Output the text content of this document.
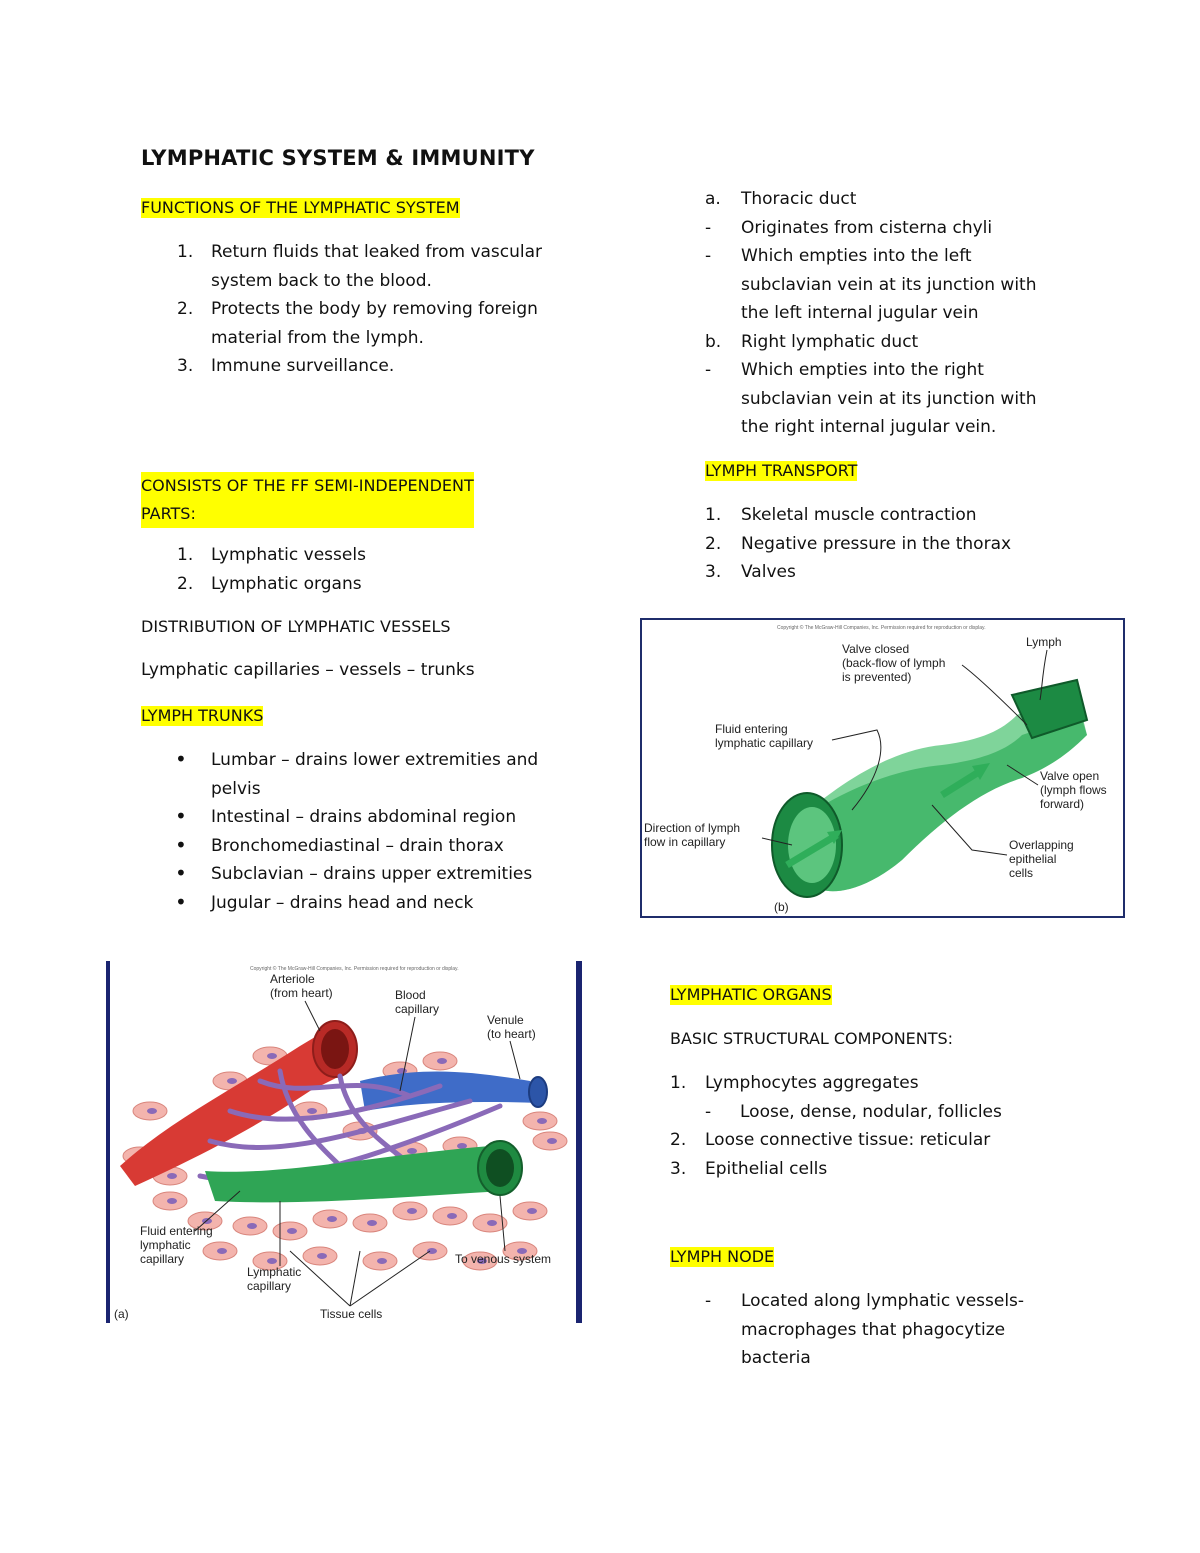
LYMPHATIC SYSTEM & IMMUNITY
FUNCTIONS OF THE LYMPHATIC SYSTEM
1. Return fluids that leaked from vascular
system back to the blood.
2. Protects the body by removing foreign
material from the lymph.
3. Immune surveillance.
CONSISTS OF THE FF SEMI-INDEPENDENT
PARTS:
1. Lymphatic vessels
2. Lymphatic organs
DISTRIBUTION OF LYMPHATIC VESSELS
Lymphatic capillaries – vessels – trunks
LYMPH TRUNKS
• Lumbar – drains lower extremities and
pelvis
• Intestinal – drains abdominal region
• Bronchomediastinal – drain thorax
• Subclavian – drains upper extremities
• Jugular – drains head and neck
Copyright © The McGraw-Hill Companies, Inc. Permission required for reproduction or display.
Arteriole
(from heart)	Blood
capillary
Venule
(to heart)
Fluid entering
lymphatic
capillary	To venous system
Lymphatic
capillary
Tissue cells
(a)
a. Thoracic duct
- Originates from cisterna chyli
- Which empties into the left
subclavian vein at its junction with
the left internal jugular vein
b. Right lymphatic duct
- Which empties into the right
subclavian vein at its junction with
the right internal jugular vein.
LYMPH TRANSPORT
1. Skeletal muscle contraction
2. Negative pressure in the thorax
3. Valves
Copyright © The McGraw-Hill Companies, Inc. Permission required for reproduction or display.
Valve closed
(back-flow of lymph
is prevented)
Lymph
Fluid entering
lymphatic capillary
Valve open
(lymph flows
forward)
Direction of lymph
flow in capillary	Overlapping
epithelial
cells
(b)
LYMPHATIC ORGANS
BASIC STRUCTURAL COMPONENTS:
1. Lymphocytes aggregates
- Loose, dense, nodular, follicles
2. Loose connective tissue: reticular
3. Epithelial cells
LYMPH NODE
- Located along lymphatic vessels-
macrophages that phagocytize
bacteria
